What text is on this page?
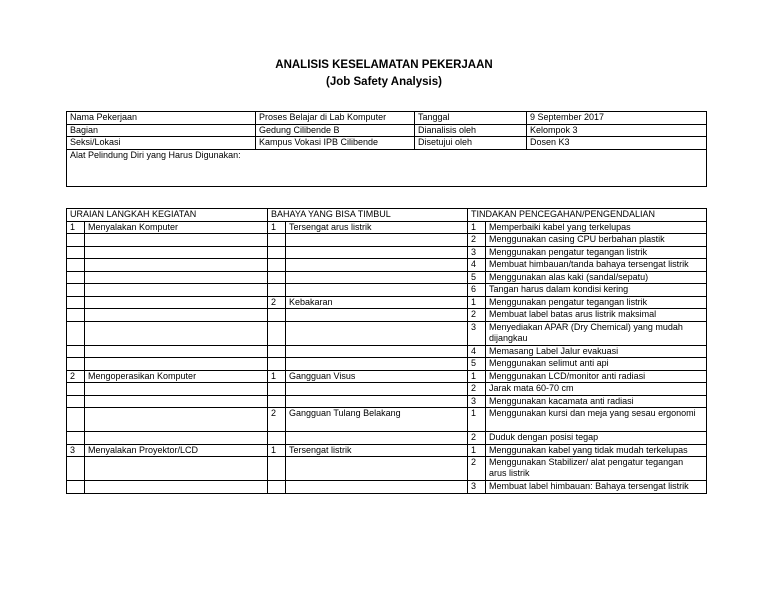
ANALISIS KESELAMATAN PEKERJAAN
(Job Safety Analysis)
Nama Pekerjaan	Proses Belajar di Lab Komputer	Tanggal	9 September 2017
Bagian	Gedung Cilibende B	Dianalisis oleh	Kelompok 3
Seksi/Lokasi	Kampus Vokasi IPB Cilibende	Disetujui oleh	Dosen K3
Alat Pelindung Diri yang Harus Digunakan:			
URAIAN LANGKAH KEGIATAN		BAHAYA YANG BISA TIMBUL		TINDAKAN PENCEGAHAN/PENGENDALIAN	
1	Menyalakan Komputer	1	Tersengat arus listrik	1	Memperbaiki kabel yang terkelupas
				2	Menggunakan casing CPU berbahan plastik
				3	Menggunakan pengatur tegangan listrik
				4	Membuat himbauan/tanda bahaya tersengat listrik
				5	Menggunakan alas kaki (sandal/sepatu)
				6	Tangan harus dalam kondisi kering
		2	Kebakaran	1	Menggunakan pengatur tegangan listrik
				2	Membuat label batas arus listrik maksimal
				3	Menyediakan APAR (Dry Chemical) yang mudah dijangkau
				4	Memasang Label Jalur evakuasi
				5	Menggunakan selimut anti api
2	Mengoperasikan Komputer	1	Gangguan Visus	1	Menggunakan LCD/monitor anti radiasi
				2	Jarak mata 60-70 cm
				3	Menggunakan kacamata anti radiasi
		2	Gangguan Tulang Belakang	1	Menggunakan kursi dan meja yang sesau ergonomi
				2	Duduk dengan posisi tegap
3	Menyalakan Proyektor/LCD	1	Tersengat listrik	1	Menggunakan kabel yang tidak mudah terkelupas
				2	Menggunakan Stabilizer/ alat pengatur tegangan arus listrik
				3	Membuat label himbauan: Bahaya tersengat listrik
